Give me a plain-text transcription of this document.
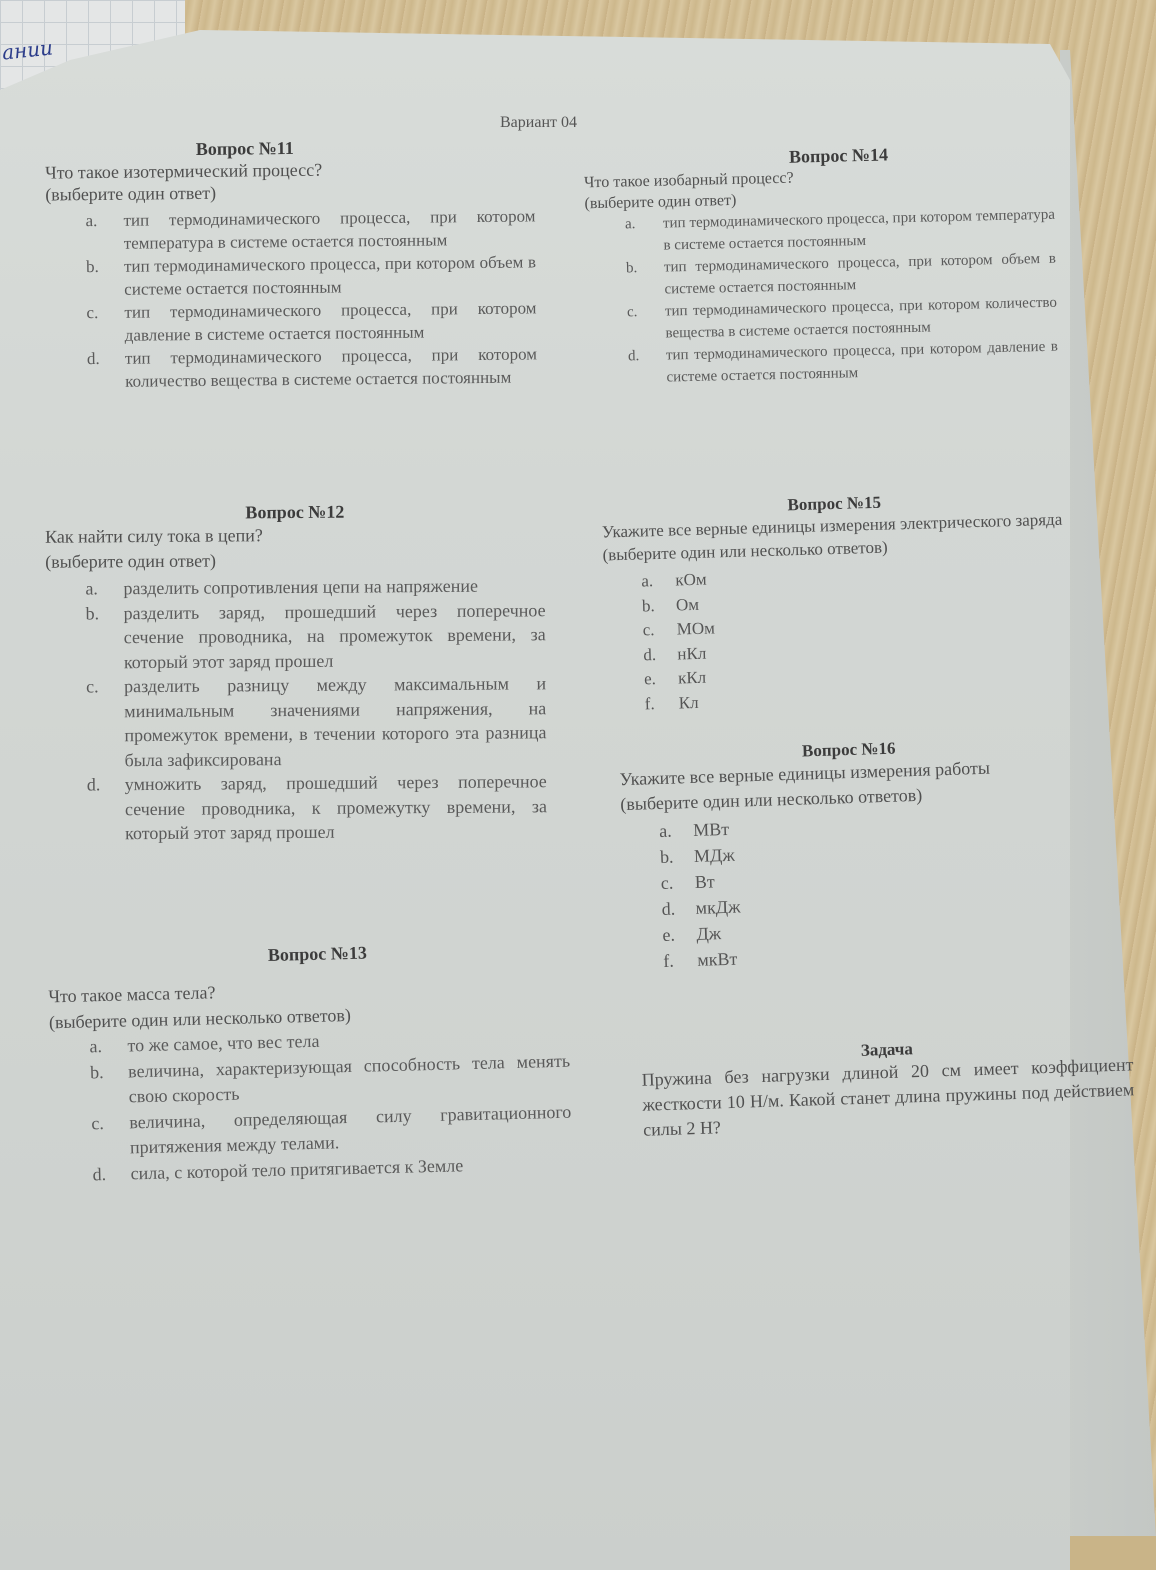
ании
Вариант 04
Вопрос №11
Что такое изотермический процесс?
(выберите один ответ)
a.	тип термодинамического процесса, при котором температура в системе остается постоянным
b.	тип термодинамического процесса, при котором объем в системе остается постоянным
c.	тип термодинамического процесса, при котором давление в системе остается постоянным
d.	тип термодинамического процесса, при котором количество вещества в системе остается постоянным
Вопрос №12
Как найти силу тока в цепи?
(выберите один ответ)
a.	разделить сопротивления цепи на напряжение
b.	разделить заряд, прошедший через поперечное сечение проводника, на промежуток времени, за который этот заряд прошел
c.	разделить разницу между максимальным и минимальным значениями напряжения, на промежуток времени, в течении которого эта разница была зафиксирована
d.	умножить заряд, прошедший через поперечное сечение проводника, к промежутку времени, за который этот заряд прошел
Вопрос №13
Что такое масса тела?
(выберите один или несколько ответов)
a.	то же самое, что вес тела
b.	величина, характеризующая способность тела менять свою скорость
c.	величина, определяющая силу гравитационного притяжения между телами.
d.	сила, с которой тело притягивается к Земле
Вопрос №14
Что такое изобарный процесс?
(выберите один ответ)
a.	тип термодинамического процесса, при котором температура в системе остается постоянным
b.	тип термодинамического процесса, при котором объем в системе остается постоянным
c.	тип термодинамического процесса, при котором количество вещества в системе остается постоянным
d.	тип термодинамического процесса, при котором давление в системе остается постоянным
Вопрос №15
Укажите все верные единицы измерения электрического заряда
(выберите один или несколько ответов)
a.	кОм
b.	Ом
c.	МОм
d.	нКл
e.	кКл
f.	Кл
Вопрос №16
Укажите все верные единицы измерения работы
(выберите один или несколько ответов)
a.	МВт
b.	МДж
c.	Вт
d.	мкДж
e.	Дж
f.	мкВт
Задача
Пружина без нагрузки длиной 20 см имеет коэффициент жесткости 10 Н/м. Какой станет длина пружины под действием силы 2 Н?
